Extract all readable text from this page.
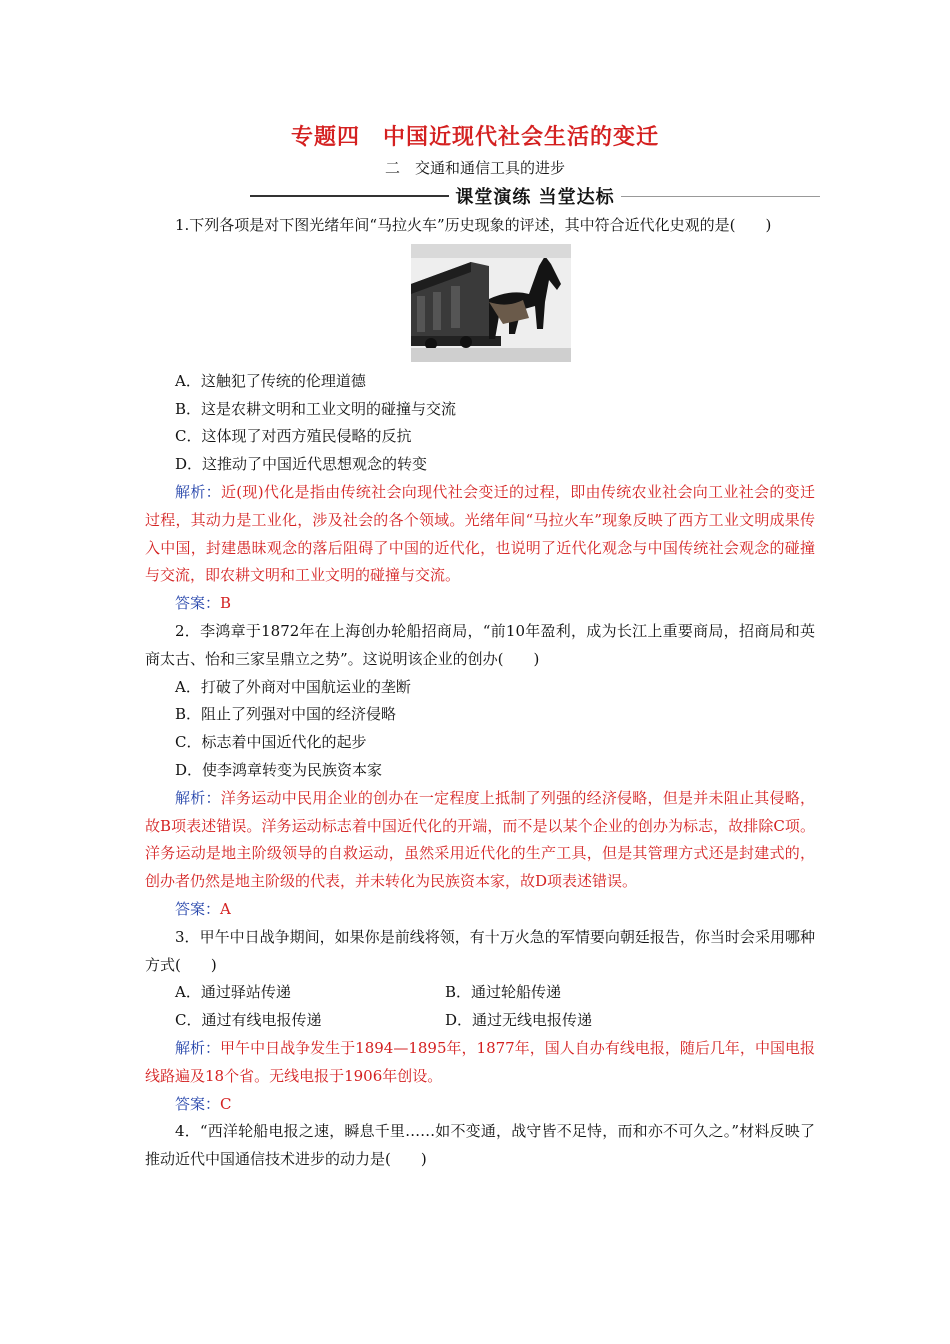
专题四　中国近现代社会生活的变迁
二　交通和通信工具的进步
课堂演练 当堂达标

1.下列各项是对下图光绪年间“马拉火车”历史现象的评述，其中符合近代化史观的是(　　)

A．这触犯了传统的伦理道德

B．这是农耕文明和工业文明的碰撞与交流

C．这体现了对西方殖民侵略的反抗

D．这推动了中国近代思想观念的转变

解析：近(现)代化是指由传统社会向现代社会变迁的过程，即由传统农业社会向工业社会的变迁过程，其动力是工业化，涉及社会的各个领域。光绪年间“马拉火车”现象反映了西方工业文明成果传入中国，封建愚昧观念的落后阻碍了中国的近代化，也说明了近代化观念与中国传统社会观念的碰撞与交流，即农耕文明和工业文明的碰撞与交流。

答案：B

2．李鸿章于1872年在上海创办轮船招商局，“前10年盈利，成为长江上重要商局，招商局和英商太古、怡和三家呈鼎立之势”。这说明该企业的创办(　　)

A．打破了外商对中国航运业的垄断

B．阻止了列强对中国的经济侵略

C．标志着中国近代化的起步

D．使李鸿章转变为民族资本家

解析：洋务运动中民用企业的创办在一定程度上抵制了列强的经济侵略，但是并未阻止其侵略，故B项表述错误。洋务运动标志着中国近代化的开端，而不是以某个企业的创办为标志，故排除C项。洋务运动是地主阶级领导的自救运动，虽然采用近代化的生产工具，但是其管理方式还是封建式的，创办者仍然是地主阶级的代表，并未转化为民族资本家，故D项表述错误。

答案：A

3．甲午中日战争期间，如果你是前线将领，有十万火急的军情要向朝廷报告，你当时会采用哪种方式(　　)

A．通过驿站传递	B．通过轮船传递
C．通过有线电报传递	D．通过无线电报传递

解析：甲午中日战争发生于1894—1895年，1877年，国人自办有线电报，随后几年，中国电报线路遍及18个省。无线电报于1906年创设。

答案：C

4．“西洋轮船电报之速，瞬息千里……如不变通，战守皆不足恃，而和亦不可久之。”材料反映了推动近代中国通信技术进步的动力是(　　)
